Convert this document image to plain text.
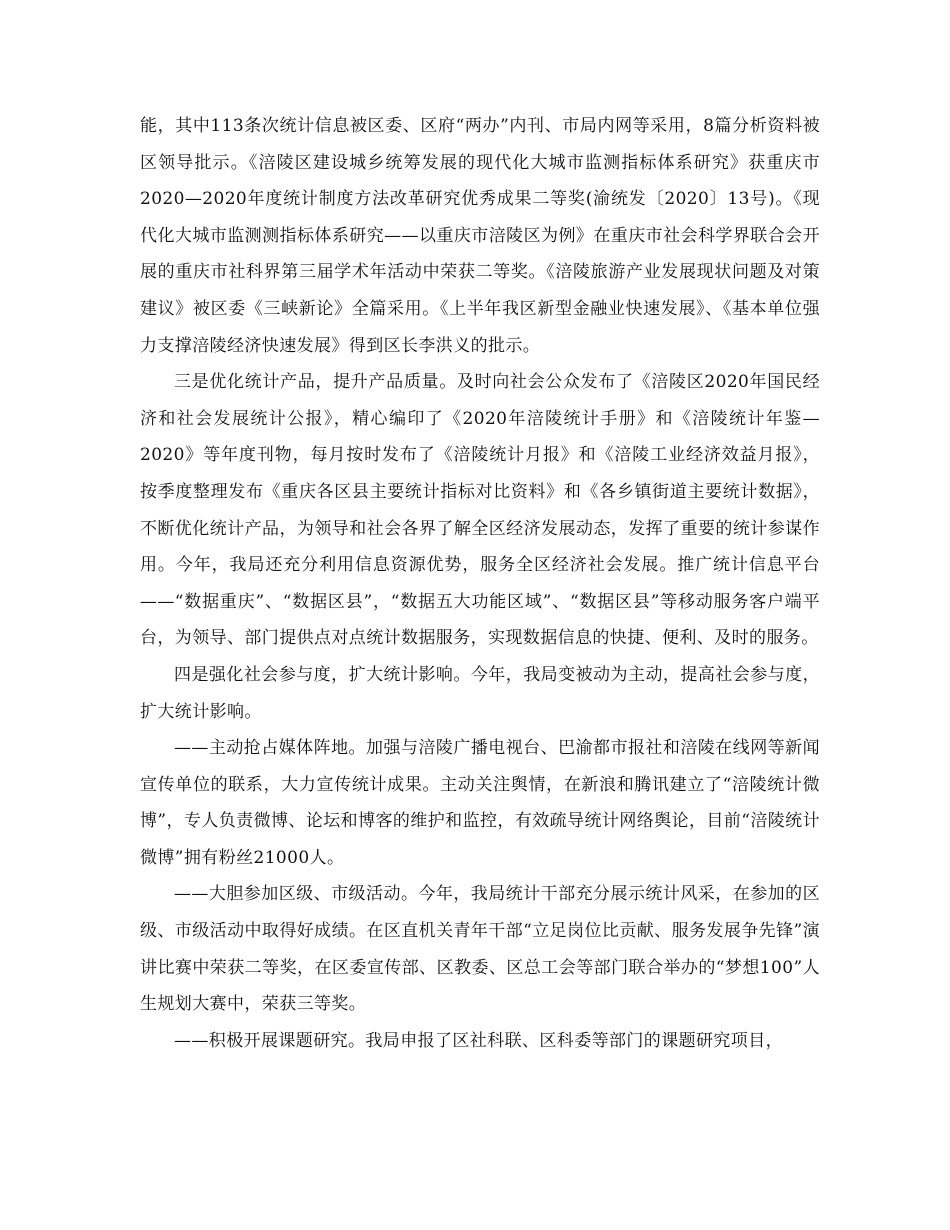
能，其中113条次统计信息被区委、区府“两办”内刊、市局内网等采用，8篇分析资料被区领导批示。《涪陵区建设城乡统筹发展的现代化大城市监测指标体系研究》获重庆市2020—2020年度统计制度方法改革研究优秀成果二等奖(渝统发〔2020〕13号)。《现代化大城市监测测指标体系研究——以重庆市涪陵区为例》在重庆市社会科学界联合会开展的重庆市社科界第三届学术年活动中荣获二等奖。《涪陵旅游产业发展现状问题及对策建议》被区委《三峡新论》全篇采用。《上半年我区新型金融业快速发展》、《基本单位强力支撑涪陵经济快速发展》得到区长李洪义的批示。

三是优化统计产品，提升产品质量。及时向社会公众发布了《涪陵区2020年国民经济和社会发展统计公报》，精心编印了《2020年涪陵统计手册》和《涪陵统计年鉴—2020》等年度刊物，每月按时发布了《涪陵统计月报》和《涪陵工业经济效益月报》，按季度整理发布《重庆各区县主要统计指标对比资料》和《各乡镇街道主要统计数据》，不断优化统计产品，为领导和社会各界了解全区经济发展动态，发挥了重要的统计参谋作用。今年，我局还充分利用信息资源优势，服务全区经济社会发展。推广统计信息平台——“数据重庆”、“数据区县”，“数据五大功能区域”、“数据区县”等移动服务客户端平台，为领导、部门提供点对点统计数据服务，实现数据信息的快捷、便利、及时的服务。

四是强化社会参与度，扩大统计影响。今年，我局变被动为主动，提高社会参与度，扩大统计影响。

——主动抢占媒体阵地。加强与涪陵广播电视台、巴渝都市报社和涪陵在线网等新闻宣传单位的联系，大力宣传统计成果。主动关注舆情，在新浪和腾讯建立了“涪陵统计微博”，专人负责微博、论坛和博客的维护和监控，有效疏导统计网络舆论，目前“涪陵统计微博”拥有粉丝21000人。

——大胆参加区级、市级活动。今年，我局统计干部充分展示统计风采，在参加的区级、市级活动中取得好成绩。在区直机关青年干部“立足岗位比贡献、服务发展争先锋”演讲比赛中荣获二等奖，在区委宣传部、区教委、区总工会等部门联合举办的“梦想100”人生规划大赛中，荣获三等奖。

——积极开展课题研究。我局申报了区社科联、区科委等部门的课题研究项目，
